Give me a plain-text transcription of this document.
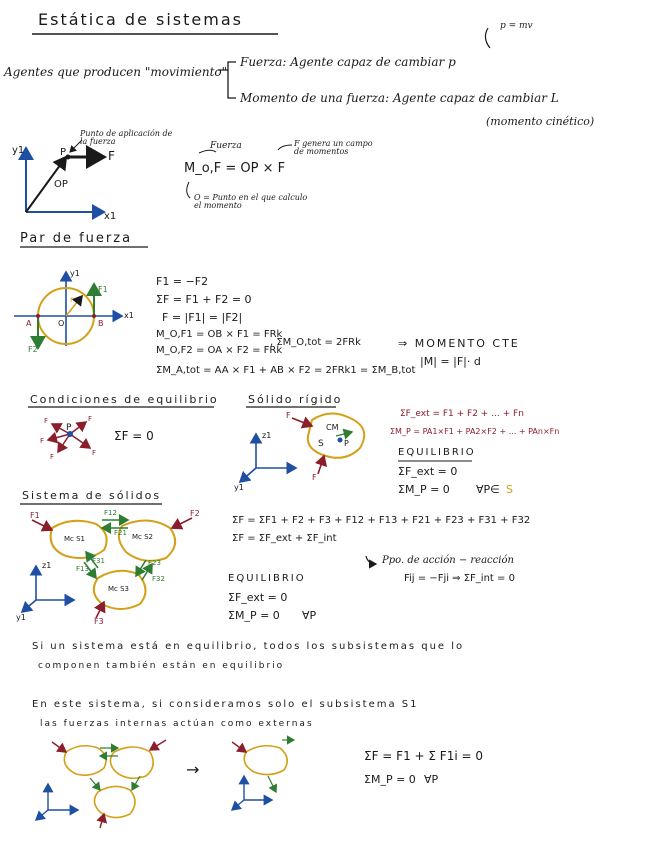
Estática de sistemas	p = mv
Agentes que producen "movimiento"
Fuerza: Agente capaz de cambiar p
Momento de una fuerza: Agente capaz de cambiar L
(momento cinético)
Punto de aplicación de la fuerza
y1
x1
OP
P	F
Fuerza
M_o,F = OP × F
F genera un campo de momentos
O = Punto en el que calculo el momento
Par de fuerza
y1
x1
A	O	B
F1
F2
r
F1 = −F2
ΣF = F1 + F2 = 0
F = |F1| = |F2|
M_O,F1 = OB × F1 = FRk
M_O,F2 = OA × F2 = FRk
, ΣM_O,tot = 2FRk
ΣM_A,tot = AA × F1 + AB × F2 = 2FRk1 = ΣM_B,tot
⇒ MOMENTO CTE
|M| = |F|· d
Condiciones de equilibrio
P
F	F
F
F	F
ΣF = 0
Sólido rígido
F
F
CM
S	P
z1
y1
ΣF_ext = F1 + F2 + ... + Fn
ΣM_P = PA1×F1 + PA2×F2 + ... + PAn×Fn
EQUILIBRIO
ΣF_ext = 0
ΣM_P = 0 ∀P∈ S
Sistema de sólidos
F1	F2
F3
Mc S1	Mc S2
Mc S3
F12
F21
F13
F31	F23
F32
z1
y1
ΣF = ΣF1 + F2 + F3 + F12 + F13 + F21 + F23 + F31 + F32
ΣF = ΣF_ext + ΣF_int
Ppo. de acción − reacción
Fij = −Fji ⇒ ΣF_int = 0
EQUILIBRIO
ΣF_ext = 0
ΣM_P = 0 ∀P
Si un sistema está en equilibrio, todos los subsistemas que lo
componen también están en equilibrio
En este sistema, si consideramos solo el subsistema S1
las fuerzas internas actúan como externas
→
ΣF = F1 + Σ F1i = 0
ΣM_P = 0 ∀P
